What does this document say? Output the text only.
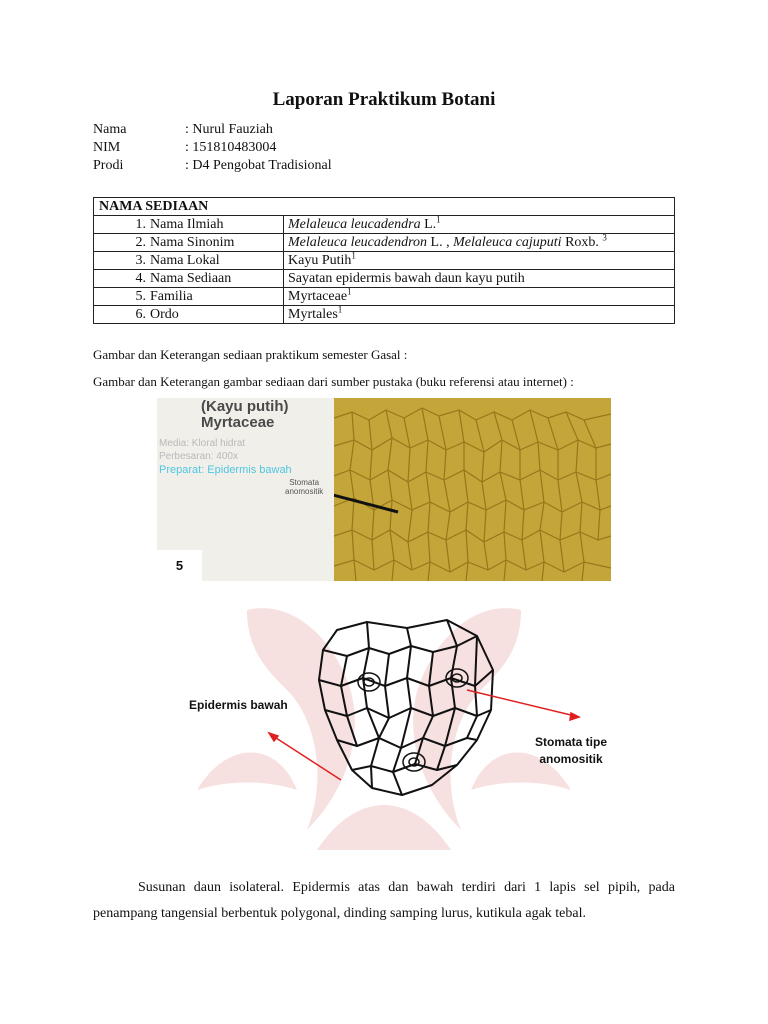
Laporan Praktikum Botani
Nama	: Nurul Fauziah
NIM	: 151810483004
Prodi	: D4 Pengobat Tradisional
NAMA SEDIAAN	
1. Nama Ilmiah	Melaleuca leucadendra L.$^1$
2. Nama Sinonim	Melaleuca leucadendron L. , Melaleuca cajuputi Roxb. $^3$
3. Nama Lokal	Kayu Putih$^1$
4. Nama Sediaan	Sayatan epidermis bawah daun kayu putih
5. Familia	Myrtaceae$^1$
6. Ordo	Myrtales$^1$
Gambar dan Keterangan sediaan praktikum semester Gasal :
Gambar dan Keterangan gambar sediaan dari sumber pustaka (buku referensi atau internet) :
(Kayu putih)
Myrtaceae
Media: Kloral hidrat
Perbesaran: 400x
Preparat: Epidermis bawah
Stomata
anomositik
5
Epidermis bawah
Stomata tipe
anomositik
Susunan daun isolateral. Epidermis atas dan bawah terdiri dari 1 lapis sel pipih, pada penampang tangensial berbentuk polygonal, dinding samping lurus, kutikula agak tebal.
